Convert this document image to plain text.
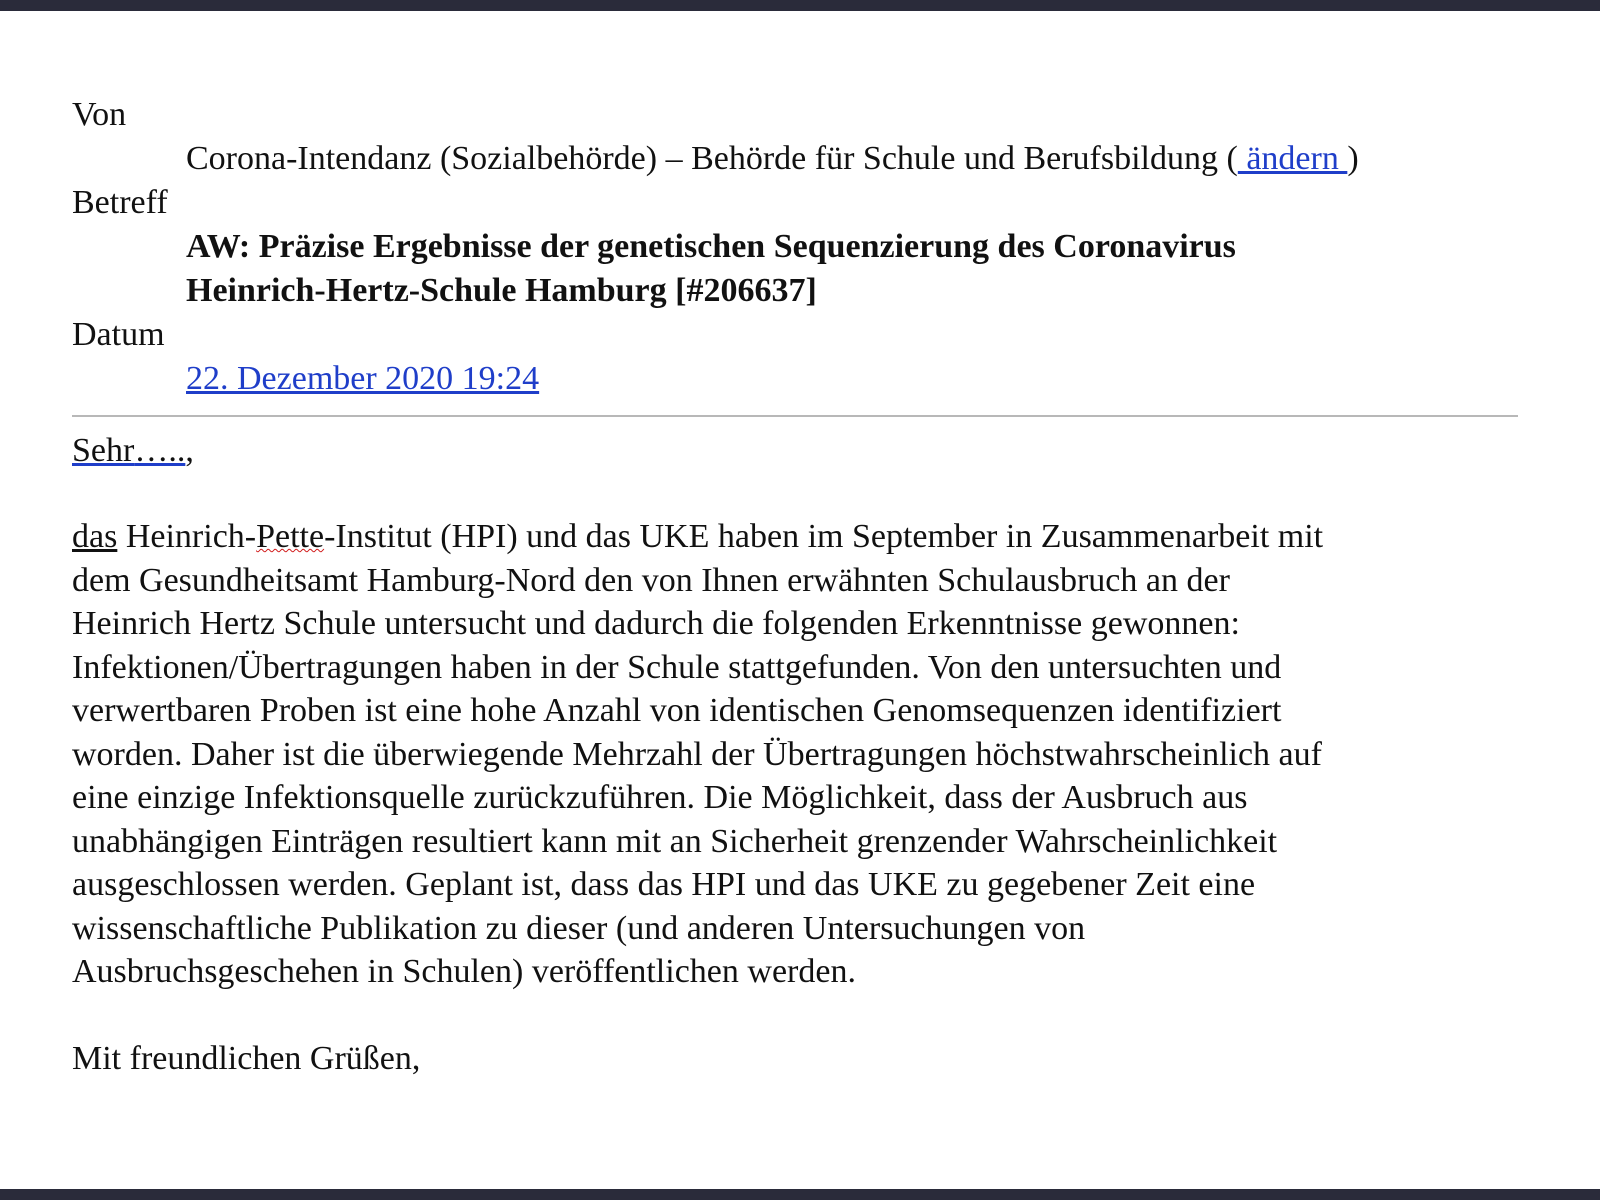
Von
Corona-Intendanz (Sozialbehörde) – Behörde für Schule und Berufsbildung ( ändern )
Betreff
AW: Präzise Ergebnisse der genetischen Sequenzierung des Coronavirus
Heinrich-Hertz-Schule Hamburg [#206637]
Datum
22. Dezember 2020 19:24
Sehr…..,
das Heinrich-Pette-Institut (HPI) und das UKE haben im September in Zusammenarbeit mit
dem Gesundheitsamt Hamburg-Nord den von Ihnen erwähnten Schulausbruch an der
Heinrich Hertz Schule untersucht und dadurch die folgenden Erkenntnisse gewonnen:
Infektionen/Übertragungen haben in der Schule stattgefunden. Von den untersuchten und
verwertbaren Proben ist eine hohe Anzahl von identischen Genomsequenzen identifiziert
worden. Daher ist die überwiegende Mehrzahl der Übertragungen höchstwahrscheinlich auf
eine einzige Infektionsquelle zurückzuführen. Die Möglichkeit, dass der Ausbruch aus
unabhängigen Einträgen resultiert kann mit an Sicherheit grenzender Wahrscheinlichkeit
ausgeschlossen werden. Geplant ist, dass das HPI und das UKE zu gegebener Zeit eine
wissenschaftliche Publikation zu dieser (und anderen Untersuchungen von
Ausbruchsgeschehen in Schulen) veröffentlichen werden.
Mit freundlichen Grüßen,
